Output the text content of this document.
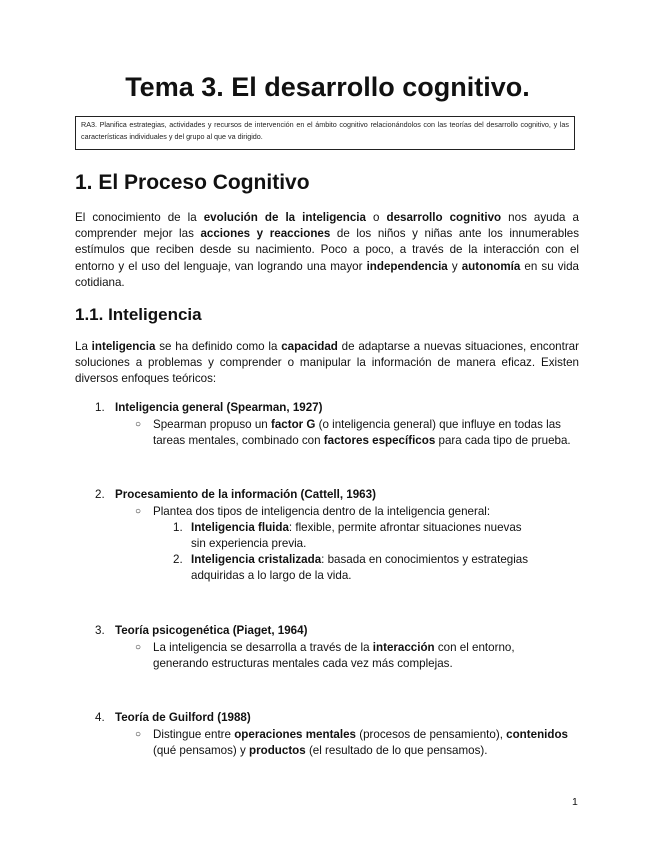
Tema 3. El desarrollo cognitivo.
RA3. Planifica estrategias, actividades y recursos de intervención en el ámbito cognitivo relacionándolos con las teorías del desarrollo cognitivo, y las características individuales y del grupo al que va dirigido.
1. El Proceso Cognitivo

El conocimiento de la evolución de la inteligencia o desarrollo cognitivo nos ayuda a comprender mejor las acciones y reacciones de los niños y niñas ante los innumerables estímulos que reciben desde su nacimiento. Poco a poco, a través de la interacción con el entorno y el uso del lenguaje, van logrando una mayor independencia y autonomía en su vida cotidiana.

1.1. Inteligencia

La inteligencia se ha definido como la capacidad de adaptarse a nuevas situaciones, encontrar soluciones a problemas y comprender o manipular la información de manera eficaz. Existen diversos enfoques teóricos:

1. Inteligencia general (Spearman, 1927)
○ Spearman propuso un factor G (o inteligencia general) que influye en todas las tareas mentales, combinado con factores específicos para cada tipo de prueba.
2. Procesamiento de la información (Cattell, 1963)
○ Plantea dos tipos de inteligencia dentro de la inteligencia general:
1. Inteligencia fluida: flexible, permite afrontar situaciones nuevas sin experiencia previa.
2. Inteligencia cristalizada: basada en conocimientos y estrategias adquiridas a lo largo de la vida.
3. Teoría psicogenética (Piaget, 1964)
○ La inteligencia se desarrolla a través de la interacción con el entorno, generando estructuras mentales cada vez más complejas.
4. Teoría de Guilford (1988)
○ Distingue entre operaciones mentales (procesos de pensamiento), contenidos (qué pensamos) y productos (el resultado de lo que pensamos).
1
